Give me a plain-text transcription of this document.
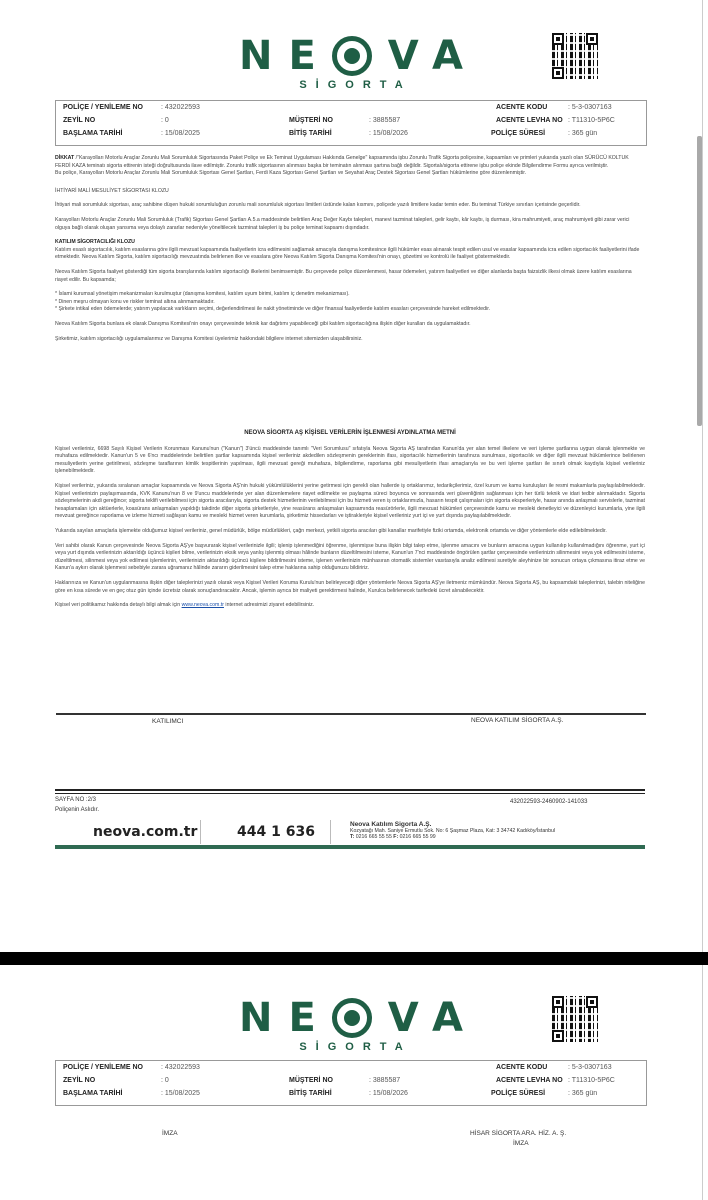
NE VA
SİGORTA
POLİÇE / YENİLEME NO	: 432022593	ACENTE KODU	: 5-3-0307163
ZEYİL NO	: 0	MÜŞTERİ NO	: 3885587	ACENTE LEVHA NO : T11310-5P6C
BAŞLAMA TARİHİ	: 15/08/2025	BİTİŞ TARİHİ	: 15/08/2026	POLİÇE SÜRESİ	: 365 gün

DİKKAT /"Karayolları Motorlu Araçlar Zorunlu Mali Sorumluluk Sigortasında Paket Poliçe ve Ek Teminat Uygulaması Hakkında Genelge" kapsamında işbu Zorunlu Trafik Sigorta poliçesine, kapsamları ve primleri yukarıda yazılı olan SÜRÜCÜ KOLTUK FERDİ KAZA teminatı sigorta ettirenin isteği doğrultusunda ilave edilmiştir. Zorunlu trafik sigortasının alınması başka bir teminatın alınması şartına bağlı değildir. Sigortalı/sigorta ettirene işbu poliçe ekinde Bilgilendirme Formu ayrıca verilmiştir.

Bu poliçe, Karayolları Motorlu Araçlar Zorunlu Mali Sorumluluk Sigortası Genel Şartları, Ferdi Kaza Sigortası Genel Şartları ve Seyahat Araç Destek Sigortası Genel Şartları hükümlerine göre düzenlenmiştir.

İHTİYARİ MALİ MESULİYET SİGORTASI KLOZU

İhtiyari mali sorumluluk sigortası, araç sahibine düşen hukuki sorumluluğun zorunlu mali sorumluluk sigortası limitleri üstünde kalan kısmını, poliçede yazılı limitlere kadar temin eder. Bu teminat Türkiye sınırları içerisinde geçerlidir.

Karayolları Motorlu Araçlar Zorunlu Mali Sorumluluk (Trafik) Sigortası Genel Şartları A.5.a maddesinde belirtilen Araç Değer Kaybı talepleri, manevi tazminat talepleri, gelir kaybı, kâr kaybı, iş durması, kira mahrumiyeti, araç mahrumiyeti gibi zarar verici olguya bağlı olarak oluşan yansıma veya dolaylı zararlar nedeniyle yöneltilecek tazminat talepleri iş bu poliçe teminat kapsamı dışındadır.

KATILIM SİGORTACILIĞI KLOZU

Katılım esaslı sigortacılık, katılım esaslarına göre ilgili mevzuat kapsamında faaliyetlerin icra edilmesini sağlamak amacıyla danışma komitesince ilgili hükümler esas alınarak tespit edilen usul ve esaslar kapsamında icra edilen sigortacılık faaliyetlerini ifade etmektedir. Neova Katılım Sigorta, katılım sigortacılığı mevzuatında belirlenen ilke ve esaslara göre Neova Katılım Sigorta Danışma Komitesi'nin onayı, gözetimi ve kontrolü ile faaliyet göstermektedir.

Neova Katılım Sigorta faaliyet gösterdiği tüm sigorta branşlarında katılım sigortacılığı ilkelerini benimsemiştir. Bu çerçevede poliçe düzenlenmesi, hasar ödemeleri, yatırım faaliyetleri ve diğer alanlarda başta faizsizlik ilkesi olmak üzere katılım esaslarına riayet edilir. Bu kapsamda;

* İslami kurumsal yönetişim mekanizmaları kurulmuştur (danışma komitesi, katılım uyum birimi, katılım iç denetim mekanizması).

* Dinen meşru olmayan konu ve riskler teminat altına alınmamaktadır.

* Şirkete intikal eden ödemelerde; yatırım yapılacak varlıkların seçimi, değerlendirilmesi ile nakit yönetiminde ve diğer finansal faaliyetlerde katılım esasları çerçevesinde hareket edilmektedir.

Neova Katılım Sigorta bunlara ek olarak Danışma Komitesi'nin onayı çerçevesinde teknik kar dağıtımı yapabileceği gibi katılım sigortacılığına ilişkin diğer kuralları da uygulamaktadır.

Şirketimiz, katılım sigortacılığı uygulamalarımız ve Danışma Komitesi üyelerimiz hakkındaki bilgilere internet sitemizden ulaşabilirsiniz.

NEOVA SİGORTA AŞ KİŞİSEL VERİLERİN İŞLENMESİ AYDINLATMA METNİ

Kişisel verileriniz, 6698 Sayılı Kişisel Verilerin Korunması Kanunu'nun ("Kanun") 3'üncü maddesinde tanımlı "Veri Sorumlusu" sıfatıyla Neova Sigorta AŞ tarafından Kanun'da yer alan temel ilkelere ve veri işleme şartlarına uygun olarak işlenmekte ve muhafaza edilmektedir. Kanun'un 5 ve 6'ncı maddelerinde belirtilen şartlar kapsamında kişisel verileriniz akdedilen sözleşmenin gereklerinin ifası, sigortacılık hizmetlerinin tarafınıza sunulması, sigortacılık ve diğer ilgili mevzuat hükümlerince belirlenen mesuliyetlerin yerine getirilmesi, sözleşme taraflarının kimlik tespitlerinin yapılması, ilgili mevzuat gereği muhafaza, bilgilendirme, raporlama gibi mesuliyetlerin ifası amaçlarıyla ve bu veri işleme şartları ile sınırlı olmak kaydıyla kişisel verileriniz işlenebilmektedir.

Kişisel verileriniz, yukarıda sıralanan amaçlar kapsamında ve Neova Sigorta AŞ'nin hukuki yükümlülüklerini yerine getirmesi için gerekli olan hallerde iş ortaklarımız, tedarikçilerimiz, özel kurum ve kamu kuruluşları ile resmi makamlarla paylaşılabilmektedir. Kişisel verilerinizin paylaşımasında, KVK Kanunu'nun 8 ve 9'uncu maddelerinde yer alan düzenlemelere riayet edilmekte ve paylaşma süreci boyunca ve sonrasında veri güvenliğinin sağlanması için her türlü teknik ve idari tedbir alınmaktadır. Sigorta sözleşmelerinin akdi gereğince; sigorta teklifi verilebilmesi için sigorta aracılarıyla, sigorta destek hizmetlerinin verilebilmesi için bu hizmeti veren iş ortaklarımızla, hasarın tespit çalışmaları için sigorta eksperleriyle, hasar anında anlaşmalı servislerle, tazminat hesaplamaları için aktüerlerle, koasürans anlaşmaları yapıldığı takdirde diğer sigorta şirketleriyle, yine reasürans anlaşmaları kapsamında reasürörlerle, ilgili mevzuat hükümleri çerçevesinde kamu ve mesleki denetleyici ve düzenleyici kurumlarla, yine ilgili mevzuat gereğince raporlama ve izleme hizmeti sağlayan kamu ve mesleki hizmet veren kurumlarla, şirketimiz hissedarları ve iştirakleriyle kişisel verileriniz yurt içi ve yurt dışında paylaşılabilmektedir.

Yukarıda sayılan amaçlarla işlemekte olduğumuz kişisel verileriniz, genel müdürlük, bölge müdürlükleri, çağrı merkezi, yetkili sigorta aracıları gibi kanallar marifetiyle fiziki ortamda, elektronik ortamda ve diğer yöntemlerle elde edilebilmektedir.

Veri sahibi olarak Kanun çerçevesinde Neova Sigorta AŞ'ye başvurarak kişisel verilerinizle ilgili; işlenip işlenmediğini öğrenme, işlenmişse buna ilişkin bilgi talep etme, işlenme amacını ve bunların amacına uygun kullanılıp kullanılmadığını öğrenme, yurt içi veya yurt dışında verilerinizin aktarıldığı üçüncü kişileri bilme, verilerinizin eksik veya yanlış işlenmiş olması hâlinde bunların düzeltilmesini isteme, Kanun'un 7'nci maddesinde öngörülen şartlar çerçevesinde verilerinizin silinmesini veya yok edilmesini isteme, düzeltilmesi, silinmesi veya yok edilmesi işlemlerinin, verilerinizin aktarıldığı üçüncü kişilere bildirilmesini isteme, işlenen verilerinizin münhasıran otomatik sistemler vasıtasıyla analiz edilmesi suretiyle aleyhinize bir sonucun ortaya çıkmasına itiraz etme ve Kanun'a aykırı olarak işlenmesi sebebiyle zarara uğramanız hâlinde zararın giderilmesini talep etme haklarına sahip olduğunuzu bildiririz.

Haklarınıza ve Kanun'un uygulanmasına ilişkin diğer taleplerinizi yazılı olarak veya Kişisel Verileri Koruma Kurulu'nun belirleyeceği diğer yöntemlerle Neova Sigorta AŞ'ye iletmeniz mümkündür. Neova Sigorta AŞ, bu kapsamdaki taleplerinizi, talebin niteliğine göre en kısa sürede ve en geç otuz gün içinde ücretsiz olarak sonuçlandıracaktır. Ancak, işlemin ayrıca bir maliyeti gerektirmesi halinde, Kurulca belirlenecek tarifedeki ücret alınabilecektir.

Kişisel veri politikamız hakkında detaylı bilgi almak için www.neova.com.tr internet adresimizi ziyaret edebilirsiniz.

KATILIMCI	NEOVA KATILIM SİGORTA A.Ş.
SAYFA NO :2/3
Poliçenin Aslıdır.
432022593-2460902-141033
neova.com.tr	444 1 636	Neova Katılım Sigorta A.Ş.
Kozyatağı Mah. Saniye Ermutlu Sok. No: 6 Şaşmaz Plaza, Kat: 3 34742 Kadıköy/İstanbul
T: 0216 665 55 55 F: 0216 665 55 99
NE VA
SİGORTA
POLİÇE / YENİLEME NO	: 432022593	ACENTE KODU	: 5-3-0307163
ZEYİL NO	: 0	MÜŞTERİ NO	: 3885587	ACENTE LEVHA NO : T11310-5P6C
BAŞLAMA TARİHİ	: 15/08/2025	BİTİŞ TARİHİ	: 15/08/2026	POLİÇE SÜRESİ	: 365 gün
İMZA	HİSAR SİGORTA ARA. HİZ. A. Ş.
İMZA
